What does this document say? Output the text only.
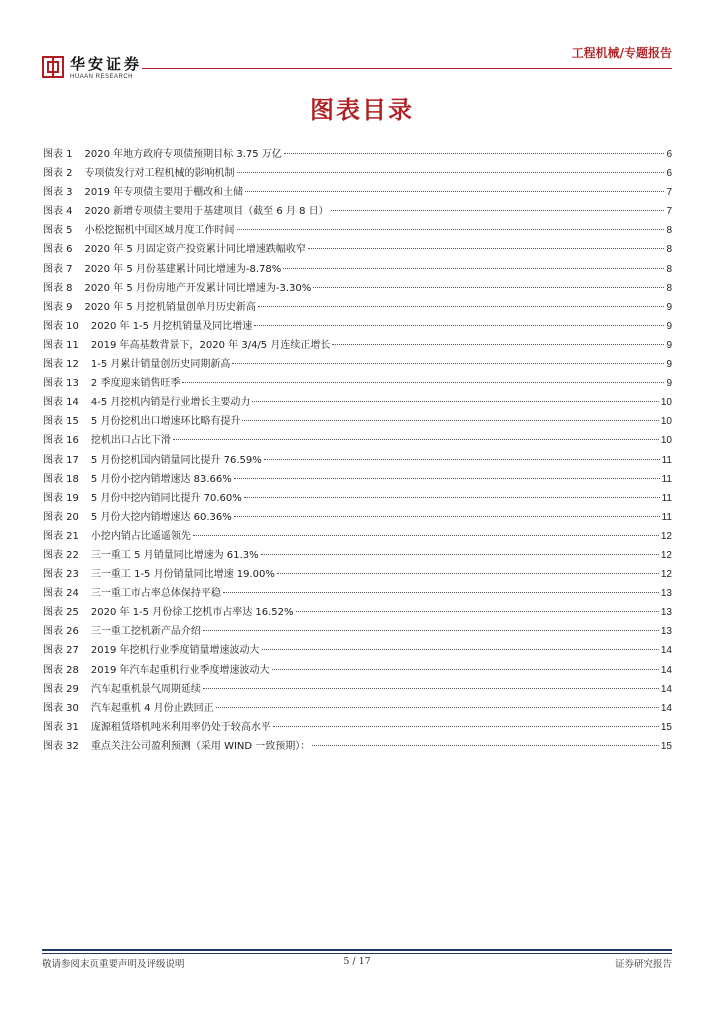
华安证券
HUAAN RESEARCH
工程机械/专题报告
图表目录
图表 1 2020 年地方政府专项债预期目标 3.75 万亿	6
图表 2 专项债发行对工程机械的影响机制	6
图表 3 2019 年专项债主要用于棚改和土储	7
图表 4 2020 新增专项债主要用于基建项目（截至 6 月 8 日）	7
图表 5 小松挖掘机中国区域月度工作时间	8
图表 6 2020 年 5 月固定资产投资累计同比增速跌幅收窄	8
图表 7 2020 年 5 月份基建累计同比增速为-8.78%	8
图表 8 2020 年 5 月份房地产开发累计同比增速为-3.30%	8
图表 9 2020 年 5 月挖机销量创单月历史新高	9
图表 10 2020 年 1-5 月挖机销量及同比增速	9
图表 11 2019 年高基数背景下，2020 年 3/4/5 月连续正增长	9
图表 12 1-5 月累计销量创历史同期新高	9
图表 13 2 季度迎来销售旺季	9
图表 14 4-5 月挖机内销是行业增长主要动力	10
图表 15 5 月份挖机出口增速环比略有提升	10
图表 16 挖机出口占比下滑	10
图表 17 5 月份挖机国内销量同比提升 76.59%	11
图表 18 5 月份小挖内销增速达 83.66%	11
图表 19 5 月份中挖内销同比提升 70.60%	11
图表 20 5 月份大挖内销增速达 60.36%	11
图表 21 小挖内销占比遥遥领先	12
图表 22 三一重工 5 月销量同比增速为 61.3%	12
图表 23 三一重工 1-5 月份销量同比增速 19.00%	12
图表 24 三一重工市占率总体保持平稳	13
图表 25 2020 年 1-5 月份徐工挖机市占率达 16.52%	13
图表 26 三一重工挖机新产品介绍	13
图表 27 2019 年挖机行业季度销量增速波动大	14
图表 28 2019 年汽车起重机行业季度增速波动大	14
图表 29 汽车起重机景气周期延续	14
图表 30 汽车起重机 4 月份止跌回正	14
图表 31 庞源租赁塔机吨米利用率仍处于较高水平	15
图表 32 重点关注公司盈利预测（采用 WIND 一致预期）：	15
敬请参阅末页重要声明及评级说明	5 / 17	证券研究报告
